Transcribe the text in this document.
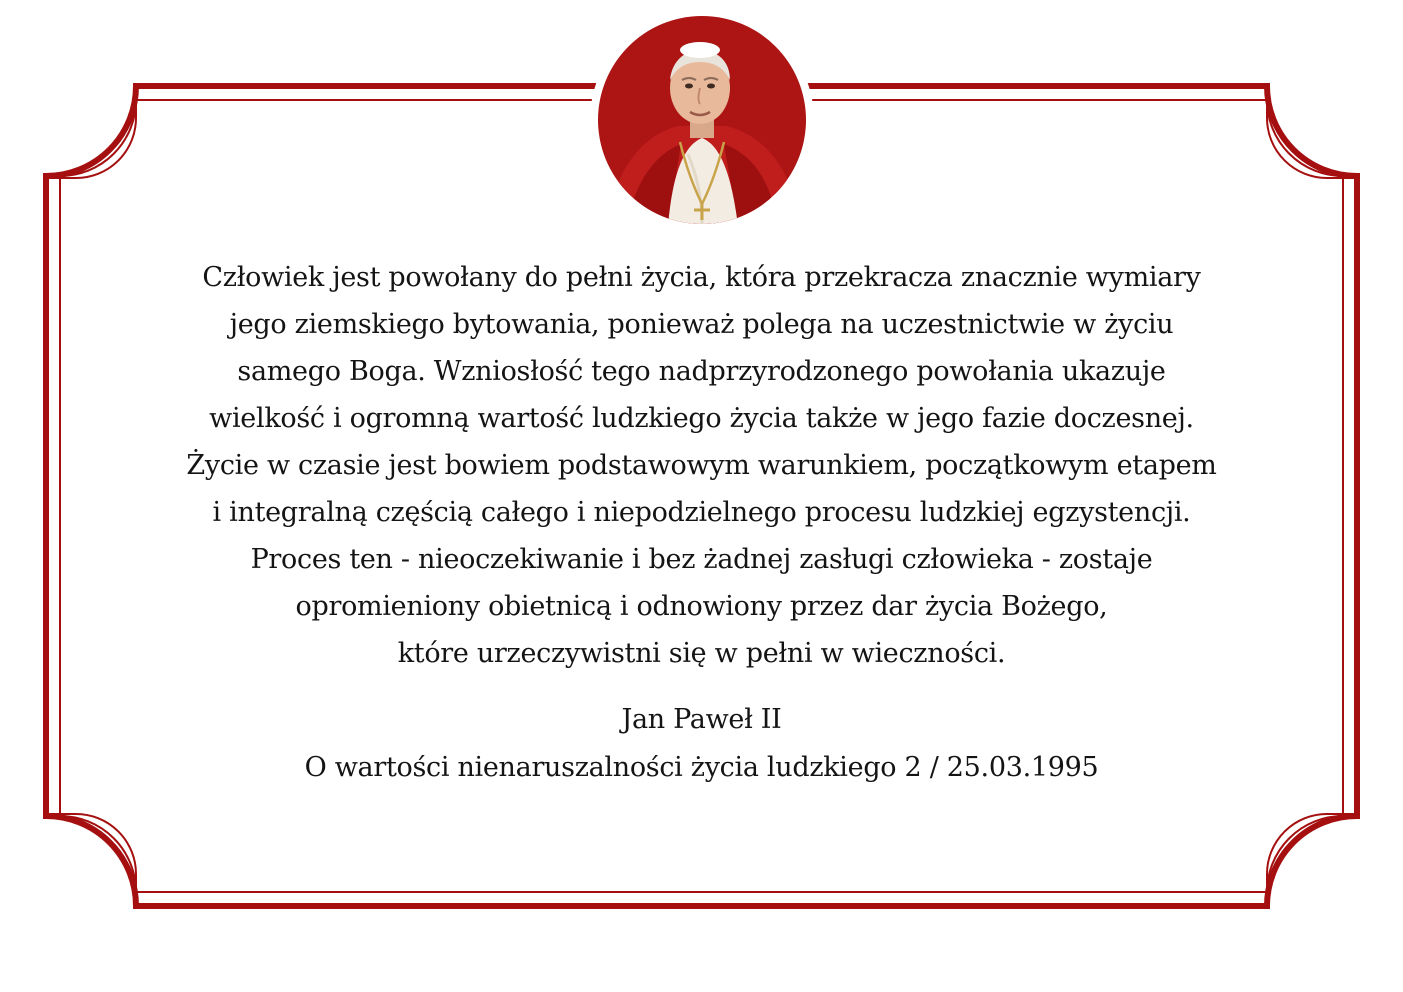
Człowiek jest powołany do pełni życia, która przekracza znacznie wymiary
jego ziemskiego bytowania, ponieważ polega na uczestnictwie w życiu
samego Boga. Wzniosłość tego nadprzyrodzonego powołania ukazuje
wielkość i ogromną wartość ludzkiego życia także w jego fazie doczesnej.
Życie w czasie jest bowiem podstawowym warunkiem, początkowym etapem
i integralną częścią całego i niepodzielnego procesu ludzkiej egzystencji.
Proces ten - nieoczekiwanie i bez żadnej zasługi człowieka - zostaje
opromieniony obietnicą i odnowiony przez dar życia Bożego,
które urzeczywistni się w pełni w wieczności.
Jan Paweł II
O wartości nienaruszalności życia ludzkiego 2 / 25.03.1995
